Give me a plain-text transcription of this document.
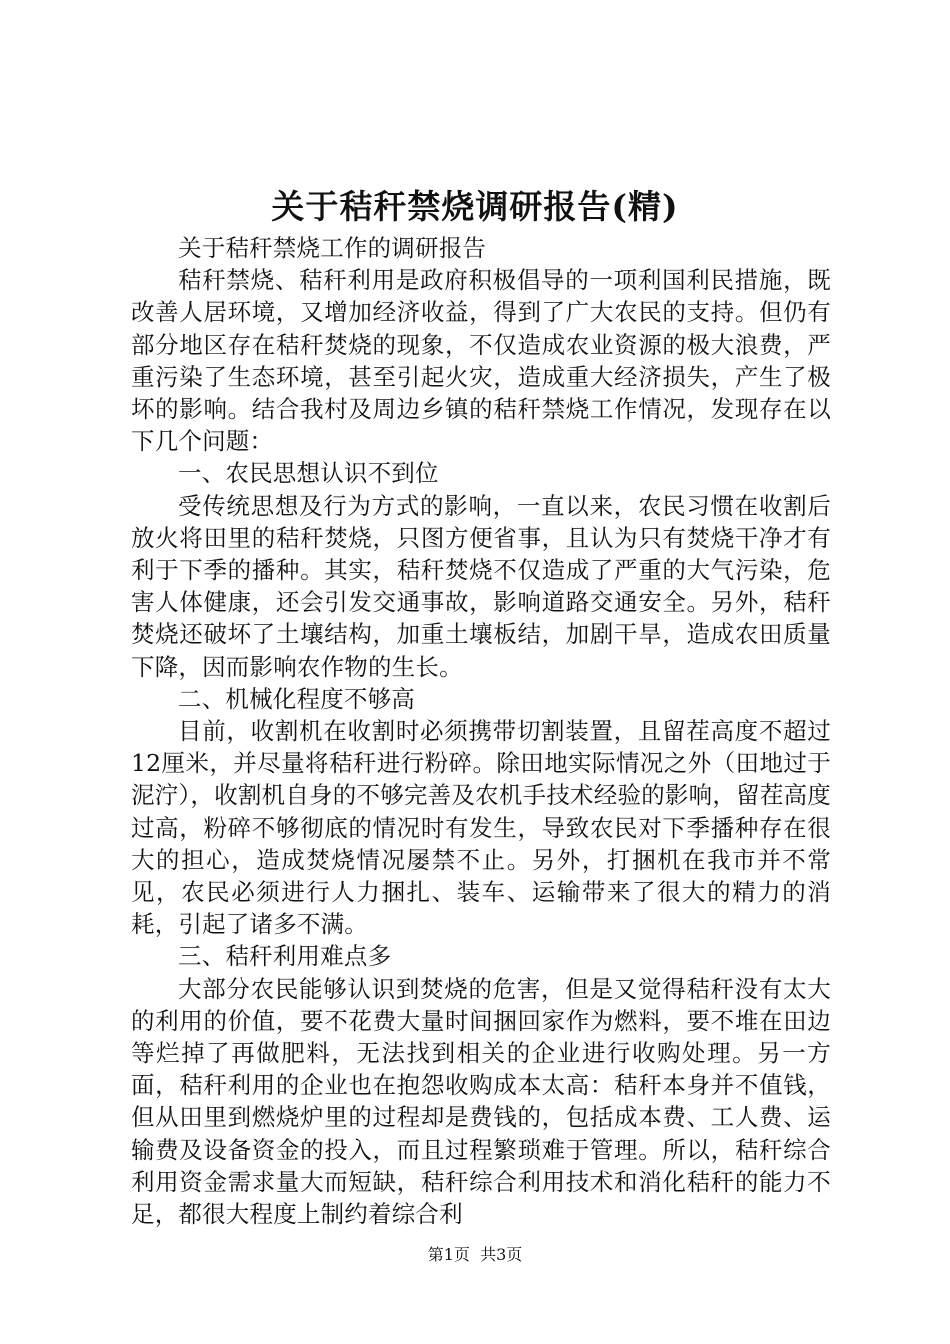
关于秸秆禁烧调研报告(精)

关于秸秆禁烧工作的调研报告

秸秆禁烧、秸秆利用是政府积极倡导的一项利国利民措施，既改善人居环境，又增加经济收益，得到了广大农民的支持。但仍有部分地区存在秸秆焚烧的现象，不仅造成农业资源的极大浪费，严重污染了生态环境，甚至引起火灾，造成重大经济损失，产生了极坏的影响。结合我村及周边乡镇的秸秆禁烧工作情况，发现存在以下几个问题：

一、农民思想认识不到位

受传统思想及行为方式的影响，一直以来，农民习惯在收割后放火将田里的秸秆焚烧，只图方便省事，且认为只有焚烧干净才有利于下季的播种。其实，秸秆焚烧不仅造成了严重的大气污染，危害人体健康，还会引发交通事故，影响道路交通安全。另外，秸秆焚烧还破坏了土壤结构，加重土壤板结，加剧干旱，造成农田质量下降，因而影响农作物的生长。

二、机械化程度不够高

目前，收割机在收割时必须携带切割装置，且留茬高度不超过12厘米，并尽量将秸秆进行粉碎。除田地实际情况之外（田地过于泥泞），收割机自身的不够完善及农机手技术经验的影响，留茬高度过高，粉碎不够彻底的情况时有发生，导致农民对下季播种存在很大的担心，造成焚烧情况屡禁不止。另外，打捆机在我市并不常见，农民必须进行人力捆扎、装车、运输带来了很大的精力的消耗，引起了诸多不满。

三、秸秆利用难点多

大部分农民能够认识到焚烧的危害，但是又觉得秸秆没有太大的利用的价值，要不花费大量时间捆回家作为燃料，要不堆在田边等烂掉了再做肥料，无法找到相关的企业进行收购处理。另一方面，秸秆利用的企业也在抱怨收购成本太高：秸秆本身并不值钱，但从田里到燃烧炉里的过程却是费钱的，包括成本费、工人费、运输费及设备资金的投入，而且过程繁琐难于管理。所以，秸秆综合利用资金需求量大而短缺，秸秆综合利用技术和消化秸秆的能力不足，都很大程度上制约着综合利

第1页 共3页
